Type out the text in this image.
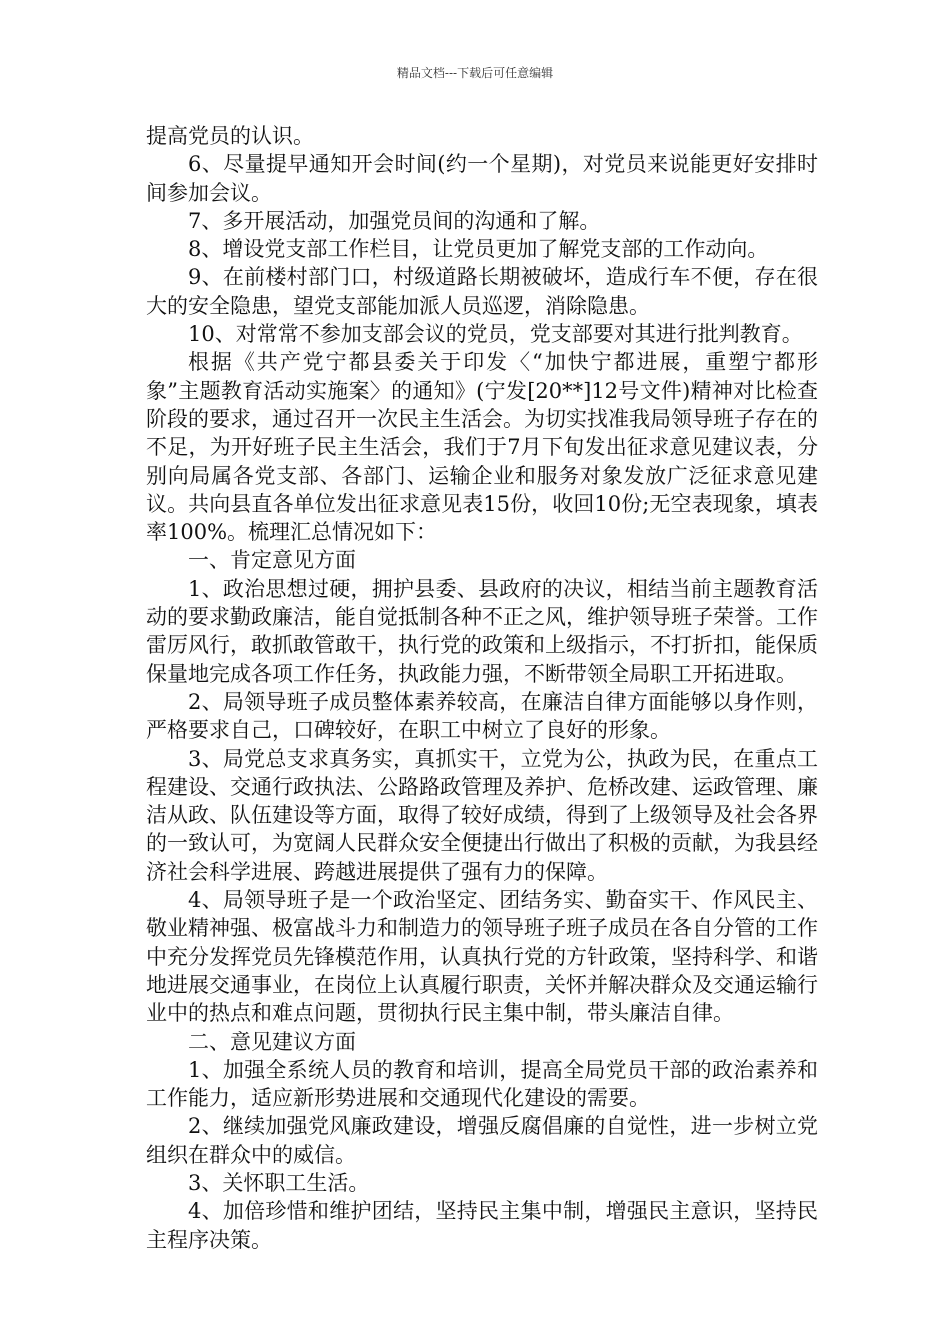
精品文档---下载后可任意编辑

提高党员的认识。

6、尽量提早通知开会时间(约一个星期)，对党员来说能更好安排时间参加会议。

7、多开展活动，加强党员间的沟通和了解。

8、增设党支部工作栏目，让党员更加了解党支部的工作动向。

9、在前楼村部门口，村级道路长期被破坏，造成行车不便，存在很大的安全隐患，望党支部能加派人员巡逻，消除隐患。

10、对常常不参加支部会议的党员，党支部要对其进行批判教育。

根据《共产党宁都县委关于印发〈“加快宁都进展，重塑宁都形象”主题教育活动实施案〉的通知》(宁发[20**]12号文件)精神对比检查阶段的要求，通过召开一次民主生活会。为切实找准我局领导班子存在的不足，为开好班子民主生活会，我们于7月下旬发出征求意见建议表，分别向局属各党支部、各部门、运输企业和服务对象发放广泛征求意见建议。共向县直各单位发出征求意见表15份，收回10份;无空表现象，填表率100%。梳理汇总情况如下：

一、肯定意见方面

1、政治思想过硬，拥护县委、县政府的决议，相结当前主题教育活动的要求勤政廉洁，能自觉抵制各种不正之风，维护领导班子荣誉。工作雷厉风行，敢抓敢管敢干，执行党的政策和上级指示，不打折扣，能保质保量地完成各项工作任务，执政能力强，不断带领全局职工开拓进取。

2、局领导班子成员整体素养较高，在廉洁自律方面能够以身作则，严格要求自己，口碑较好，在职工中树立了良好的形象。

3、局党总支求真务实，真抓实干，立党为公，执政为民，在重点工程建设、交通行政执法、公路路政管理及养护、危桥改建、运政管理、廉洁从政、队伍建设等方面，取得了较好成绩，得到了上级领导及社会各界的一致认可，为宽阔人民群众安全便捷出行做出了积极的贡献，为我县经济社会科学进展、跨越进展提供了强有力的保障。

4、局领导班子是一个政治坚定、团结务实、勤奋实干、作风民主、敬业精神强、极富战斗力和制造力的领导班子班子成员在各自分管的工作中充分发挥党员先锋模范作用，认真执行党的方针政策，坚持科学、和谐地进展交通事业，在岗位上认真履行职责，关怀并解决群众及交通运输行业中的热点和难点问题，贯彻执行民主集中制，带头廉洁自律。

二、意见建议方面

1、加强全系统人员的教育和培训，提高全局党员干部的政治素养和工作能力，适应新形势进展和交通现代化建设的需要。

2、继续加强党风廉政建设，增强反腐倡廉的自觉性，进一步树立党组织在群众中的威信。

3、关怀职工生活。

4、加倍珍惜和维护团结，坚持民主集中制，增强民主意识，坚持民主程序决策。
